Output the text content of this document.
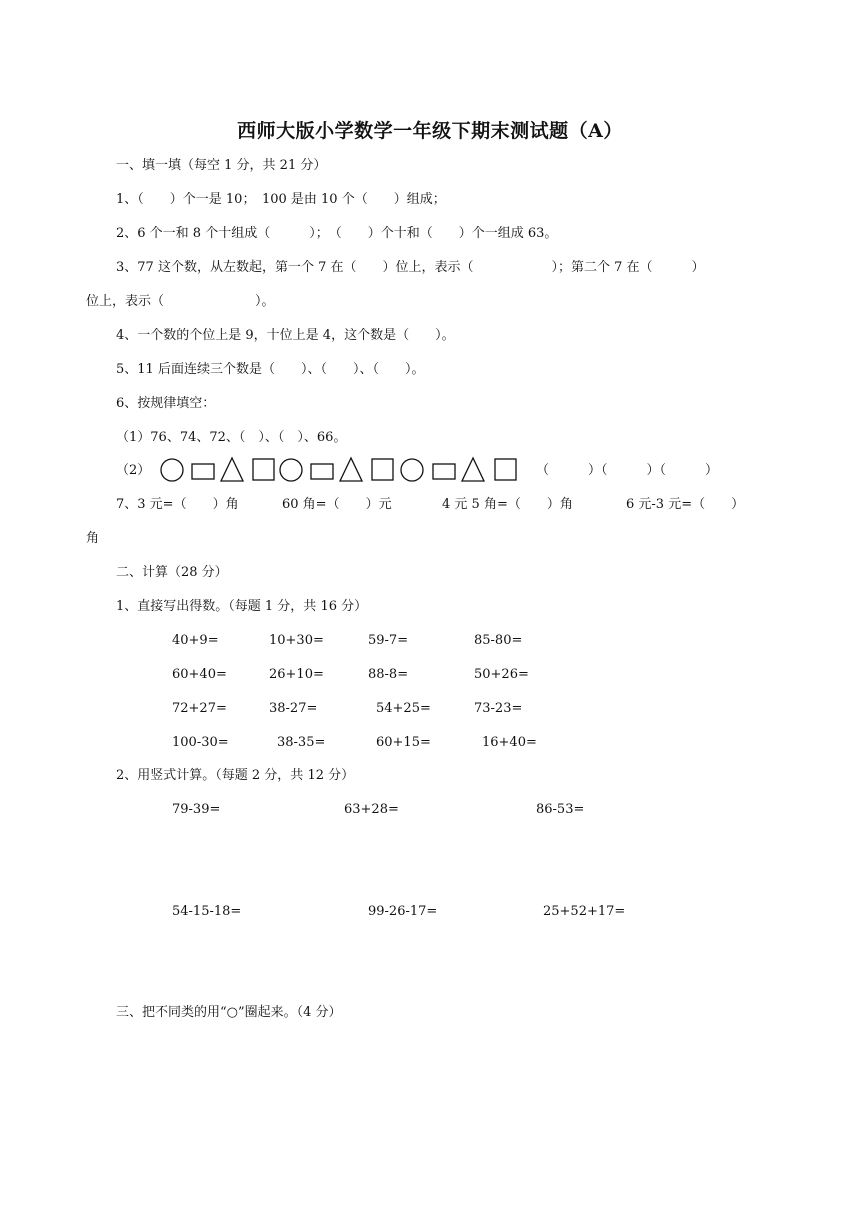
西师大版小学数学一年级下期末测试题（A）
一、填一填（每空 1 分，共 21 分）
1、（　　）个一是 10；　100 是由 10 个（　　）组成；
2、6 个一和 8 个十组成（　　　）；　（　　）个十和（　　）个一组成 63。
3、77 这个数，从左数起，第一个 7 在（　　）位上，表示（　　　　　　）；第二个 7 在（　　　）
位上，表示（　　　　　　　）。
4、一个数的个位上是 9，十位上是 4，这个数是（　　）。
5、11 后面连续三个数是（　　）、（　　）、（　　）。
6、按规律填空：
（1）76、74、72、（　）、（　）、66。
（2）	（　　　）（　　　）（　　　）
7、3 元=（　　）角	60 角=（　　）元	4 元 5 角=（　　）角	6 元-3 元=（　　）
角
二、计算（28 分）
1、直接写出得数。（每题 1 分，共 16 分）
40+9=	10+30=	59-7=	85-80=
60+40=	26+10=	88-8=	50+26=
72+27=	38-27=	54+25=	73-23=
100-30=	38-35=	60+15=	16+40=
2、用竖式计算。（每题 2 分，共 12 分）
79-39=	63+28=	86-53=
54-15-18=	99-26-17=	25+52+17=
三、把不同类的用“○”圈起来。（4 分）
